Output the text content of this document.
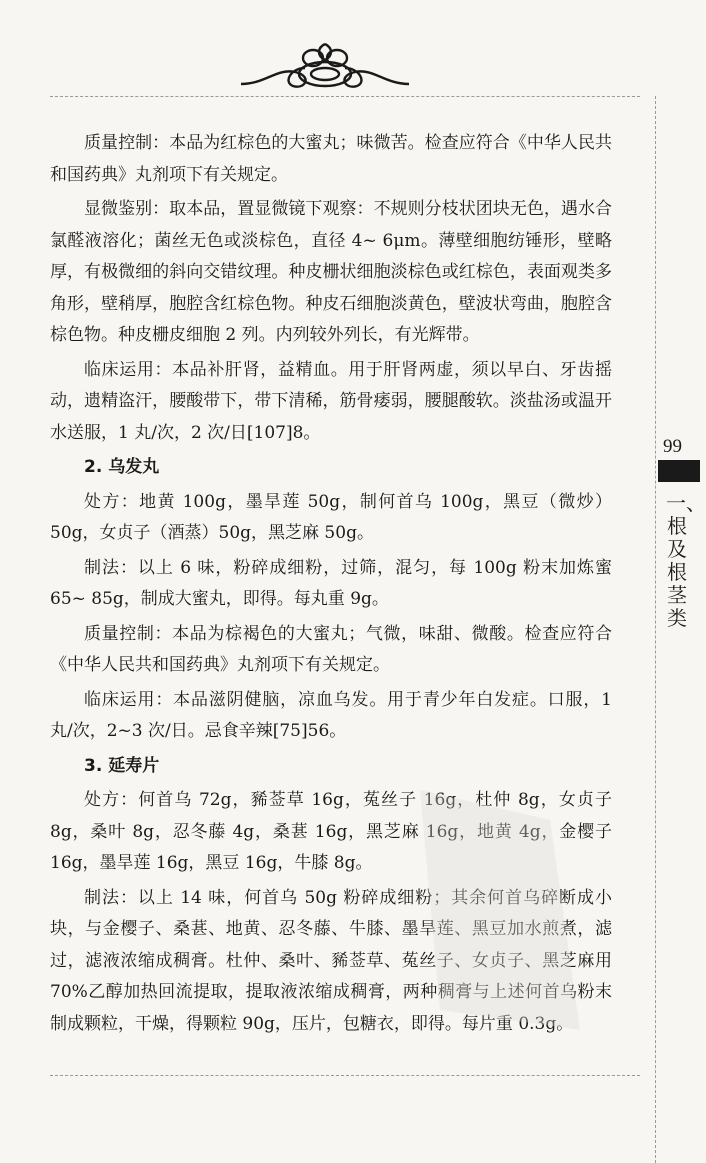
99
一、根及根茎类

质量控制：本品为红棕色的大蜜丸；味微苦。检查应符合《中华人民共和国药典》丸剂项下有关规定。

显微鉴别：取本品，置显微镜下观察：不规则分枝状团块无色，遇水合氯醛液溶化；菌丝无色或淡棕色，直径 4~ 6μm。薄壁细胞纺锤形，壁略厚，有极微细的斜向交错纹理。种皮栅状细胞淡棕色或红棕色，表面观类多角形，壁稍厚，胞腔含红棕色物。种皮石细胞淡黄色，壁波状弯曲，胞腔含棕色物。种皮栅皮细胞 2 列。内列较外列长，有光辉带。

临床运用：本品补肝肾，益精血。用于肝肾两虚，须以早白、牙齿摇动，遗精盗汗，腰酸带下，带下清稀，筋骨痿弱，腰腿酸软。淡盐汤或温开水送服，1 丸/次，2 次/日[107]8。

2. 乌发丸

处方：地黄 100g，墨旱莲 50g，制何首乌 100g，黑豆（微炒）50g，女贞子（酒蒸）50g，黑芝麻 50g。

制法：以上 6 味，粉碎成细粉，过筛，混匀，每 100g 粉末加炼蜜 65~ 85g，制成大蜜丸，即得。每丸重 9g。

质量控制：本品为棕褐色的大蜜丸；气微，味甜、微酸。检查应符合《中华人民共和国药典》丸剂项下有关规定。

临床运用：本品滋阴健脑，凉血乌发。用于青少年白发症。口服，1 丸/次，2~3 次/日。忌食辛辣[75]56。

3. 延寿片

处方：何首乌 72g，豨莶草 16g，菟丝子 16g，杜仲 8g，女贞子 8g，桑叶 8g，忍冬藤 4g，桑葚 16g，黑芝麻 16g，地黄 4g，金樱子 16g，墨旱莲 16g，黑豆 16g，牛膝 8g。

制法：以上 14 味，何首乌 50g 粉碎成细粉；其余何首乌碎断成小块，与金樱子、桑葚、地黄、忍冬藤、牛膝、墨旱莲、黑豆加水煎煮，滤过，滤液浓缩成稠膏。杜仲、桑叶、豨莶草、菟丝子、女贞子、黑芝麻用 70%乙醇加热回流提取，提取液浓缩成稠膏，两种稠膏与上述何首乌粉末制成颗粒，干燥，得颗粒 90g，压片，包糖衣，即得。每片重 0.3g。
